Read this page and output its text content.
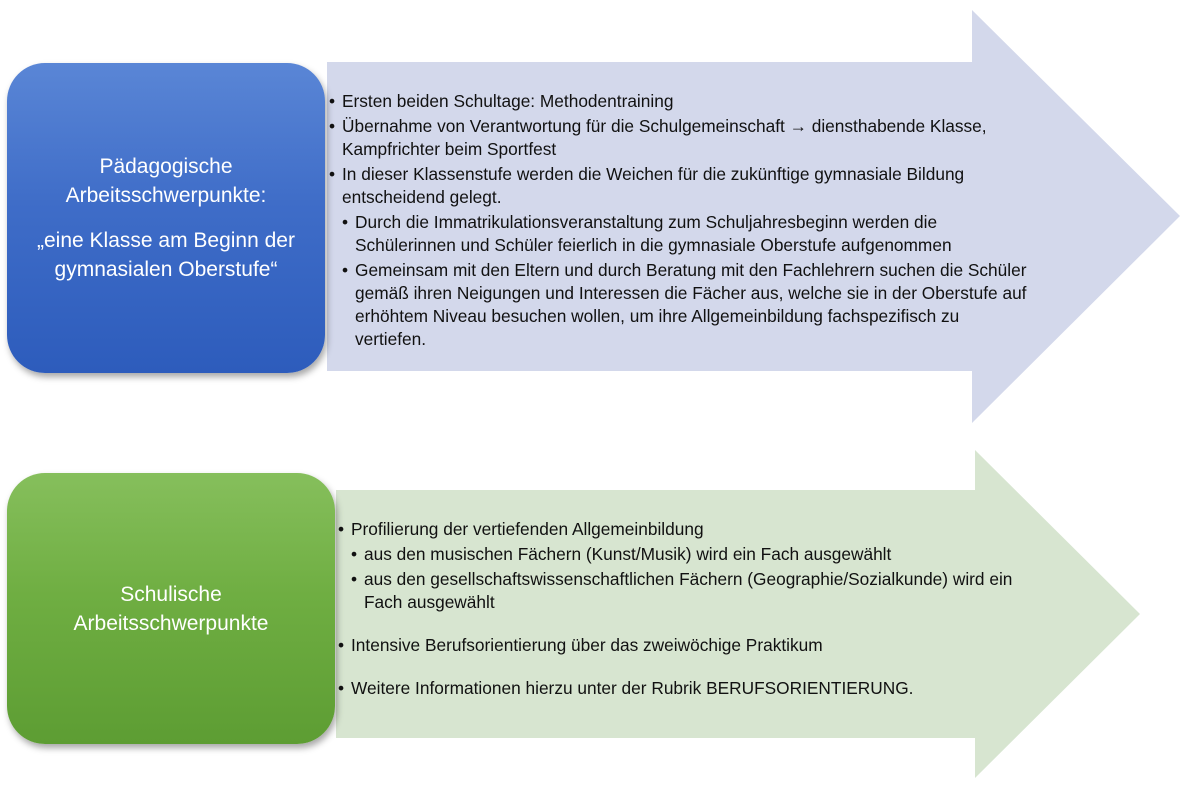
Pädagogische Arbeitsschwerpunkte:
„eine Klasse am Beginn der gymnasialen Oberstufe“
• Ersten beiden Schultage: Methodentraining
• Übernahme von Verantwortung für die Schulgemeinschaft → diensthabende Klasse, Kampfrichter beim Sportfest
• In dieser Klassenstufe werden die Weichen für die zukünftige gymnasiale Bildung entscheidend gelegt.
• Durch die Immatrikulationsveranstaltung zum Schuljahresbeginn werden die Schülerinnen und Schüler feierlich in die gymnasiale Oberstufe aufgenommen
• Gemeinsam mit den Eltern und durch Beratung mit den Fachlehrern suchen die Schüler gemäß ihren Neigungen und Interessen die Fächer aus, welche sie in der Oberstufe auf erhöhtem Niveau besuchen wollen, um ihre Allgemeinbildung fachspezifisch zu vertiefen.
Schulische Arbeitsschwerpunkte
• Profilierung der vertiefenden Allgemeinbildung
• aus den musischen Fächern (Kunst/Musik) wird ein Fach ausgewählt
• aus den gesellschaftswissenschaftlichen Fächern (Geographie/Sozialkunde) wird ein Fach ausgewählt
• Intensive Berufsorientierung über das zweiwöchige Praktikum
• Weitere Informationen hierzu unter der Rubrik BERUFSORIENTIERUNG.
